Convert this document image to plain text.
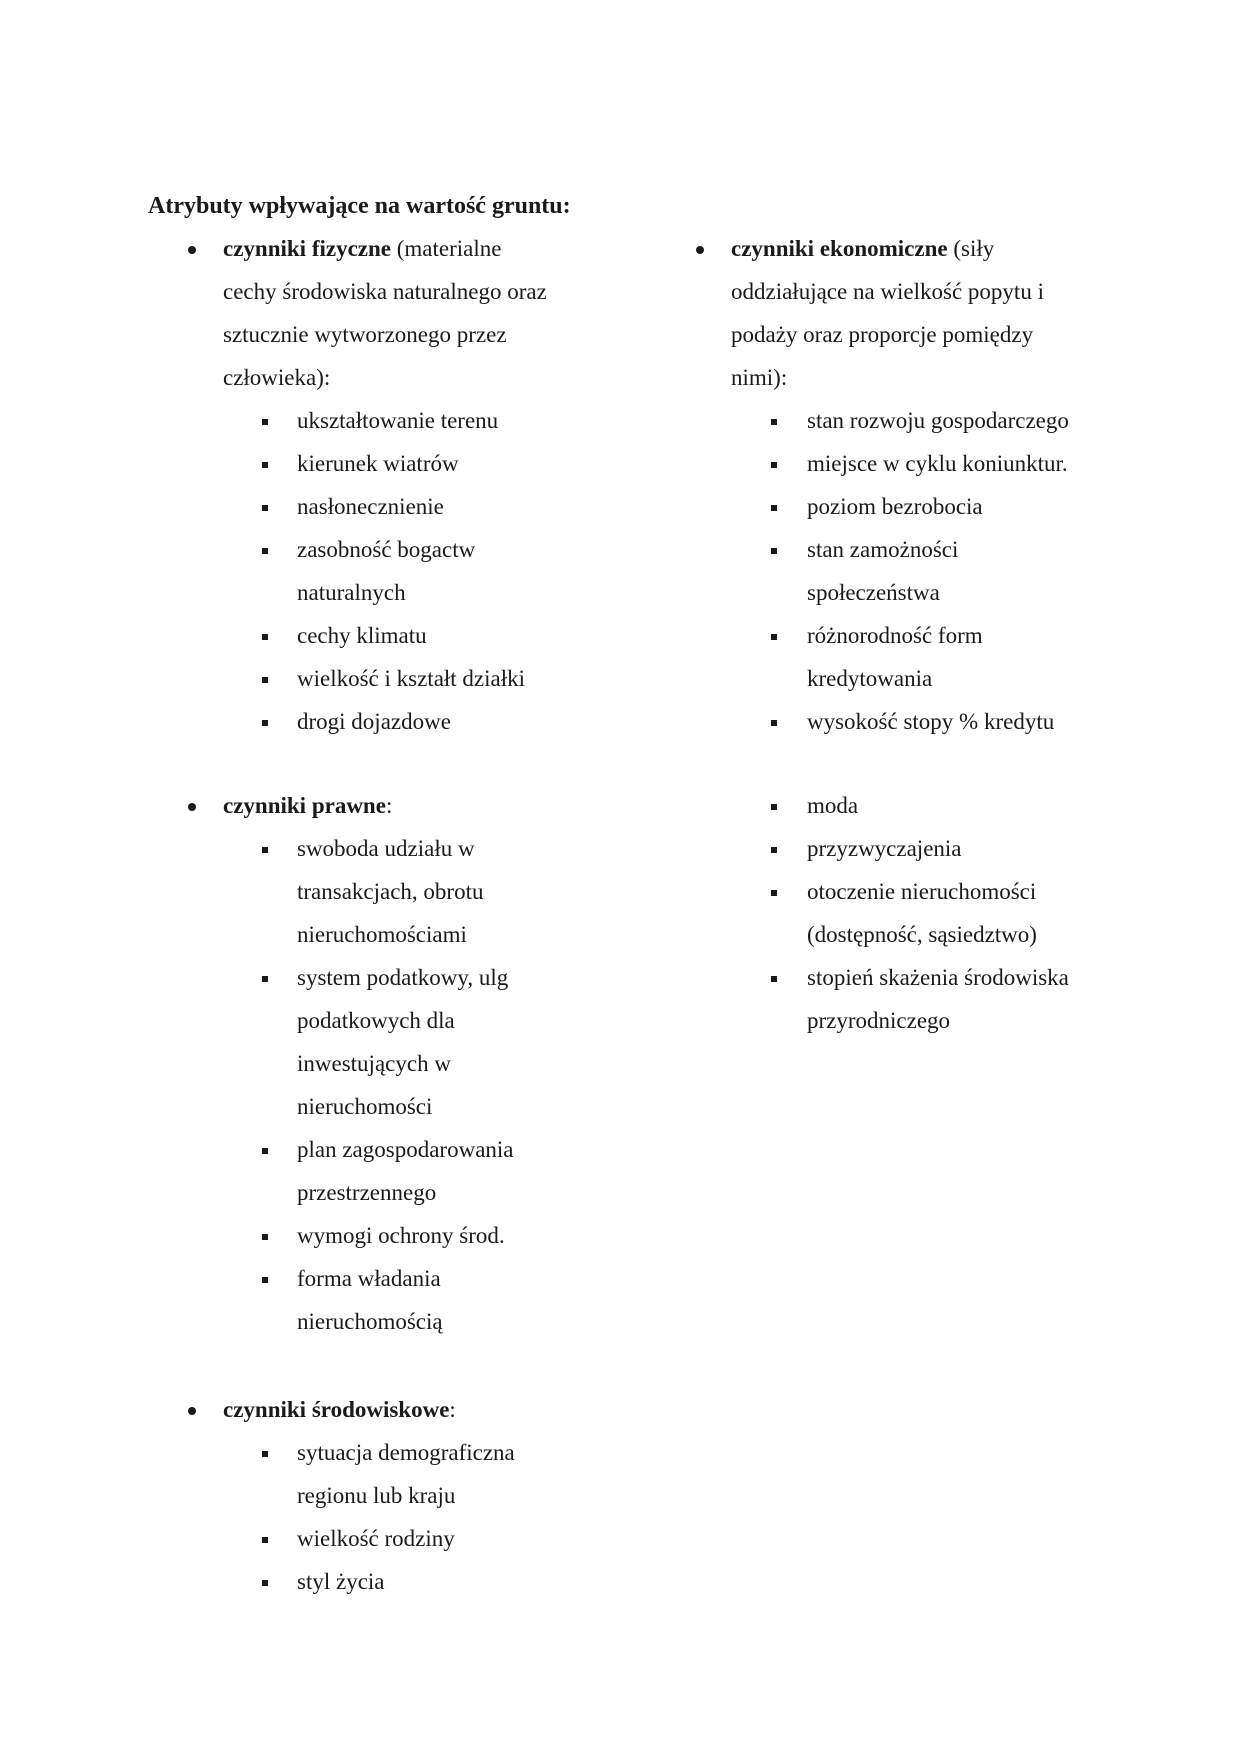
Atrybuty wpływające na wartość gruntu:
czynniki fizyczne (materialne
cechy środowiska naturalnego oraz
sztucznie wytworzonego przez
człowieka):
ukształtowanie terenu
kierunek wiatrów
nasłonecznienie
zasobność bogactw
naturalnych
cechy klimatu
wielkość i kształt działki
drogi dojazdowe
czynniki prawne:
swoboda udziału w
transakcjach, obrotu
nieruchomościami
system podatkowy, ulg
podatkowych dla
inwestujących w
nieruchomości
plan zagospodarowania
przestrzennego
wymogi ochrony środ.
forma władania
nieruchomością
czynniki środowiskowe:
sytuacja demograficzna
regionu lub kraju
wielkość rodziny
styl życia
czynniki ekonomiczne (siły
oddziałujące na wielkość popytu i
podaży oraz proporcje pomiędzy
nimi):
stan rozwoju gospodarczego
miejsce w cyklu koniunktur.
poziom bezrobocia
stan zamożności
społeczeństwa
różnorodność form
kredytowania
wysokość stopy % kredytu
moda
przyzwyczajenia
otoczenie nieruchomości
(dostępność, sąsiedztwo)
stopień skażenia środowiska
przyrodniczego
